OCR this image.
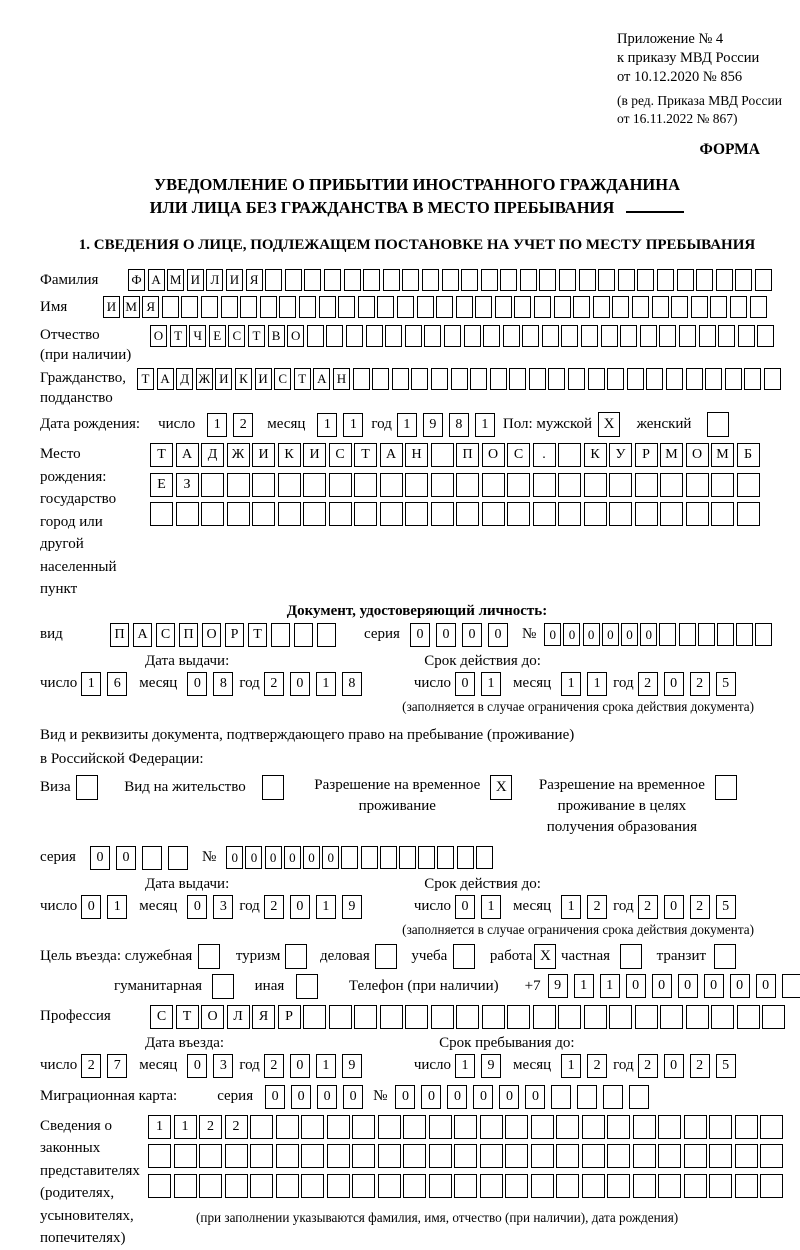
Приложение № 4
к приказу МВД России
от 10.12.2020 № 856
(в ред. Приказа МВД России
от 16.11.2022 № 867)
ФОРМА
УВЕДОМЛЕНИЕ О ПРИБЫТИИ ИНОСТРАННОГО ГРАЖДАНИНА
ИЛИ ЛИЦА БЕЗ ГРАЖДАНСТВА В МЕСТО ПРЕБЫВАНИЯ
1. СВЕДЕНИЯ О ЛИЦЕ, ПОДЛЕЖАЩЕМ ПОСТАНОВКЕ НА УЧЕТ ПО МЕСТУ ПРЕБЫВАНИЯ
Фамилия	Ф А М И Л И Я
Имя	И М Я
Отчество
(при наличии)
О Т Ч Е С Т В О
Гражданство,
подданство
Т А Д Ж И К И С Т А Н
Дата рождения: число	1	2	месяц	1	1 год 1	9	8	1 Пол: мужской X	женский
Место рождения:
государство
город или другой
населенный пункт
Т	А	Д	Ж	И	К	И	С	Т	А	Н	П	О	С	.	К	У	Р	М	О	М	Б
Е	З
Документ, удостоверяющий личность:
вид	П А С П О	Р	Т	серия	0	0	0	0	№	0 0 0 0 0 0
Дата выдачи:	Срок действия до:
число 1	6	месяц	0	8 год 2	0	1	8	число 0	1	месяц	1	1 год 2	0	2	5
(заполняется в случае ограничения срока действия документа)
Вид и реквизиты документа, подтверждающего право на пребывание (проживание)
в Российской Федерации:
Виза	Вид на жительство	Разрешение на временное
проживание
X	Разрешение на временное
проживание в целях
получения образования
серия	0	0	№	0 0 0 0 0 0
Дата выдачи:	Срок действия до:
число 0	1	месяц	0	3 год 2	0	1	9	число 0	1	месяц	1	2 год 2	0	2	5
(заполняется в случае ограничения срока действия документа)
Цель въезда: служебная	туризм	деловая	учеба	работа X частная	транзит
гуманитарная	иная	Телефон (при наличии) +7 9	1	1	0	0	0	0	0	0
Профессия	С	Т	О	Л	Я	Р
Дата въезда:	Срок пребывания до:
число 2	7	месяц	0	3 год 2	0	1	9	число 1	9	месяц	1	2 год 2	0	2	5
Миграционная карта:	серия	0	0	0	0	№	0	0	0	0	0	0
Сведения о
законных
представителях
(родителях,
усыновителях,
попечителях)
1	1	2	2
(при заполнении указываются фамилия, имя, отчество (при наличии), дата рождения)
